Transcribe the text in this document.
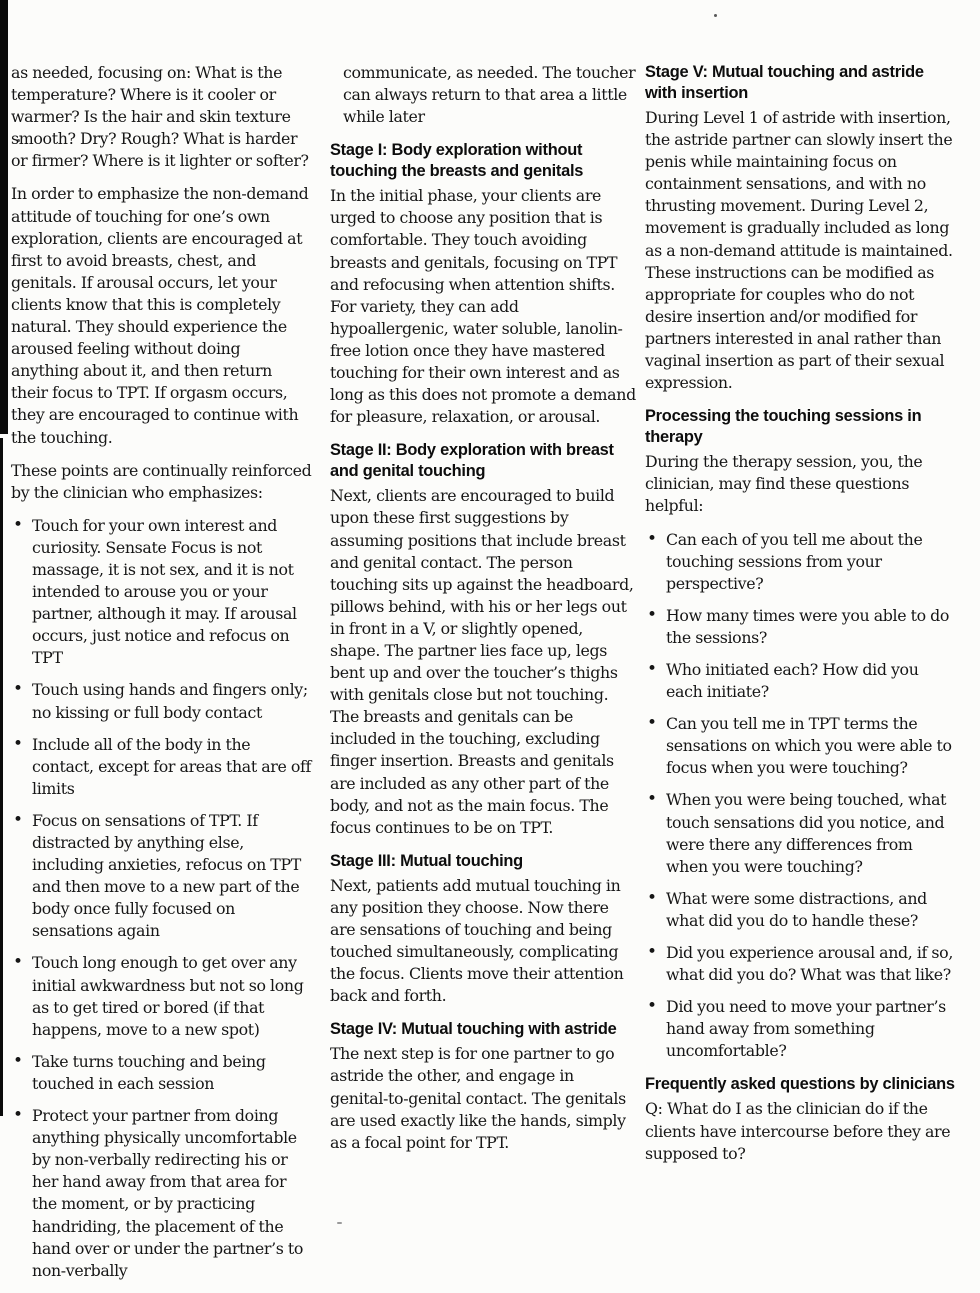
as needed, focusing on: What is the temperature? Where is it cooler or warmer? Is the hair and skin texture smooth? Dry? Rough? What is harder or firmer? Where is it lighter or softer?

In order to emphasize the non-demand attitude of touching for one’s own exploration, clients are encouraged at first to avoid breasts, chest, and genitals. If arousal occurs, let your clients know that this is completely natural. They should experience the aroused feeling without doing anything about it, and then return their focus to TPT. If orgasm occurs, they are encouraged to continue with the touching.

These points are continually reinforced by the clinician who emphasizes:

• Touch for your own interest and curiosity. Sensate Focus is not massage, it is not sex, and it is not intended to arouse you or your partner, although it may. If arousal occurs, just notice and refocus on TPT
• Touch using hands and fingers only; no kissing or full body contact
• Include all of the body in the contact, except for areas that are off limits
• Focus on sensations of TPT. If distracted by anything else, including anxieties, refocus on TPT and then move to a new part of the body once fully focused on sensations again
• Touch long enough to get over any initial awkwardness but not so long as to get tired or bored (if that happens, move to a new spot)
• Take turns touching and being touched in each session
• Protect your partner from doing anything physically uncomfortable by non-verbally redirecting his or her hand away from that area for the moment, or by practicing handriding, the placement of the hand over or under the partner’s to non-verbally

communicate, as needed. The toucher can always return to that area a little while later

Stage I: Body exploration without touching the breasts and genitals

In the initial phase, your clients are urged to choose any position that is comfortable. They touch avoiding breasts and genitals, focusing on TPT and refocusing when attention shifts. For variety, they can add hypoallergenic, water soluble, lanolin-free lotion once they have mastered touching for their own interest and as long as this does not promote a demand for pleasure, relaxation, or arousal.

Stage II: Body exploration with breast and genital touching

Next, clients are encouraged to build upon these first suggestions by assuming positions that include breast and genital contact. The person touching sits up against the headboard, pillows behind, with his or her legs out in front in a V, or slightly opened, shape. The partner lies face up, legs bent up and over the toucher’s thighs with genitals close but not touching. The breasts and genitals can be included in the touching, excluding finger insertion. Breasts and genitals are included as any other part of the body, and not as the main focus. The focus continues to be on TPT.

Stage III: Mutual touching

Next, patients add mutual touching in any position they choose. Now there are sensations of touching and being touched simultaneously, complicating the focus. Clients move their attention back and forth.

Stage IV: Mutual touching with astride

The next step is for one partner to go astride the other, and engage in genital-to-genital contact. The genitals are used exactly like the hands, simply as a focal point for TPT.

Stage V: Mutual touching and astride with insertion

During Level 1 of astride with insertion, the astride partner can slowly insert the penis while maintaining focus on containment sensations, and with no thrusting movement. During Level 2, movement is gradually included as long as a non-demand attitude is maintained. These instructions can be modified as appropriate for couples who do not desire insertion and/or modified for partners interested in anal rather than vaginal insertion as part of their sexual expression.

Processing the touching sessions in therapy

During the therapy session, you, the clinician, may find these questions helpful:

• Can each of you tell me about the touching sessions from your perspective?
• How many times were you able to do the sessions?
• Who initiated each? How did you each initiate?
• Can you tell me in TPT terms the sensations on which you were able to focus when you were touching?
• When you were being touched, what touch sensations did you notice, and were there any differences from when you were touching?
• What were some distractions, and what did you do to handle these?
• Did you experience arousal and, if so, what did you do? What was that like?
• Did you need to move your partner’s hand away from something uncomfortable?
Frequently asked questions by clinicians

Q: What do I as the clinician do if the clients have intercourse before they are supposed to?
